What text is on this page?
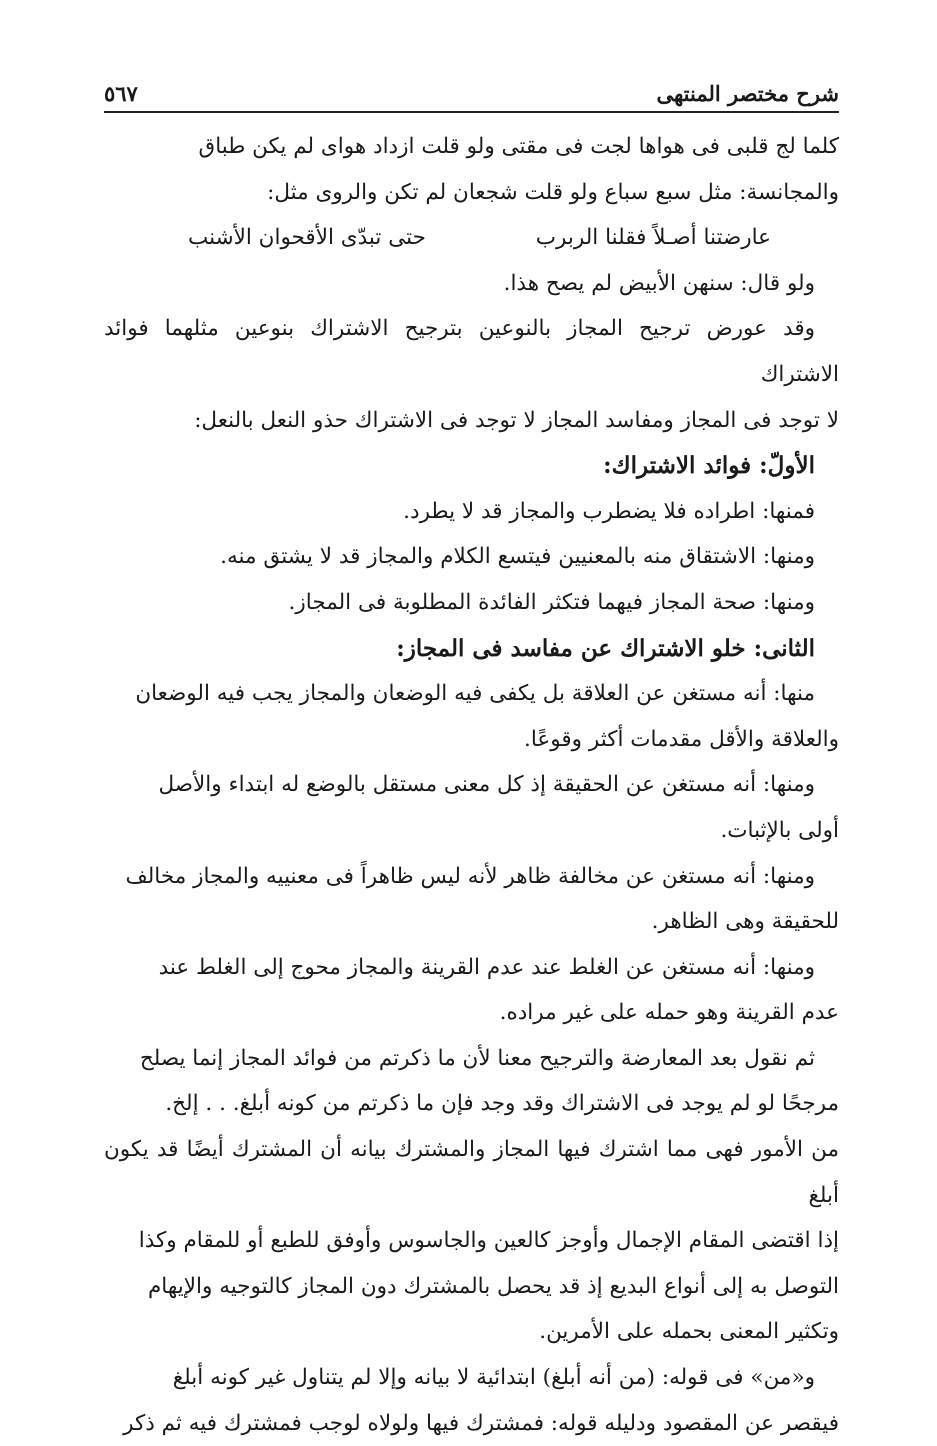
شرح مختصر المنتهى
٥٦٧

كلما لج قلبى فى هواها لجت فى مقتى ولو قلت ازداد هواى لم يكن طباق

والمجانسة: مثل سبع سباع ولو قلت شجعان لم تكن والروى مثل:

عارضتنا أصـلاً فقلنا الربرب
حتى تبدّى الأقحوان الأشنب

ولو قال: سنهن الأبيض لم يصح هذا.

وقد عورض ترجيح المجاز بالنوعين بترجيح الاشتراك بنوعين مثلهما فوائد الاشتراك

لا توجد فى المجاز ومفاسد المجاز لا توجد فى الاشتراك حذو النعل بالنعل:

الأولّ: فوائد الاشتراك:

فمنها: اطراده فلا يضطرب والمجاز قد لا يطرد.

ومنها: الاشتقاق منه بالمعنيين فيتسع الكلام والمجاز قد لا يشتق منه.

ومنها: صحة المجاز فيهما فتكثر الفائدة المطلوبة فى المجاز.

الثانى: خلو الاشتراك عن مفاسد فى المجاز:

منها: أنه مستغن عن العلاقة بل يكفى فيه الوضعان والمجاز يجب فيه الوضعان

والعلاقة والأقل مقدمات أكثر وقوعًا.

ومنها: أنه مستغن عن الحقيقة إذ كل معنى مستقل بالوضع له ابتداء والأصل

أولى بالإثبات.

ومنها: أنه مستغن عن مخالفة ظاهر لأنه ليس ظاهراً فى معنييه والمجاز مخالف

للحقيقة وهى الظاهر.

ومنها: أنه مستغن عن الغلط عند عدم القرينة والمجاز محوج إلى الغلط عند

عدم القرينة وهو حمله على غير مراده.

ثم نقول بعد المعارضة والترجيح معنا لأن ما ذكرتم من فوائد المجاز إنما يصلح

مرجحًا لو لم يوجد فى الاشتراك وقد وجد فإن ما ذكرتم من كونه أبلغ. . . إلخ.

من الأمور فهى مما اشترك فيها المجاز والمشترك بيانه أن المشترك أيضًا قد يكون أبلغ

إذا اقتضى المقام الإجمال وأوجز كالعين والجاسوس وأوفق للطبع أو للمقام وكذا

التوصل به إلى أنواع البديع إذ قد يحصل بالمشترك دون المجاز كالتوجيه والإيهام

وتكثير المعنى بحمله على الأمرين.

و«من» فى قوله: (من أنه أبلغ) ابتدائية لا بيانه وإلا لم يتناول غير كونه أبلغ

فيقصر عن المقصود ودليله قوله: فمشترك فيها ولولاه لوجب فمشترك فيه ثم ذكر
